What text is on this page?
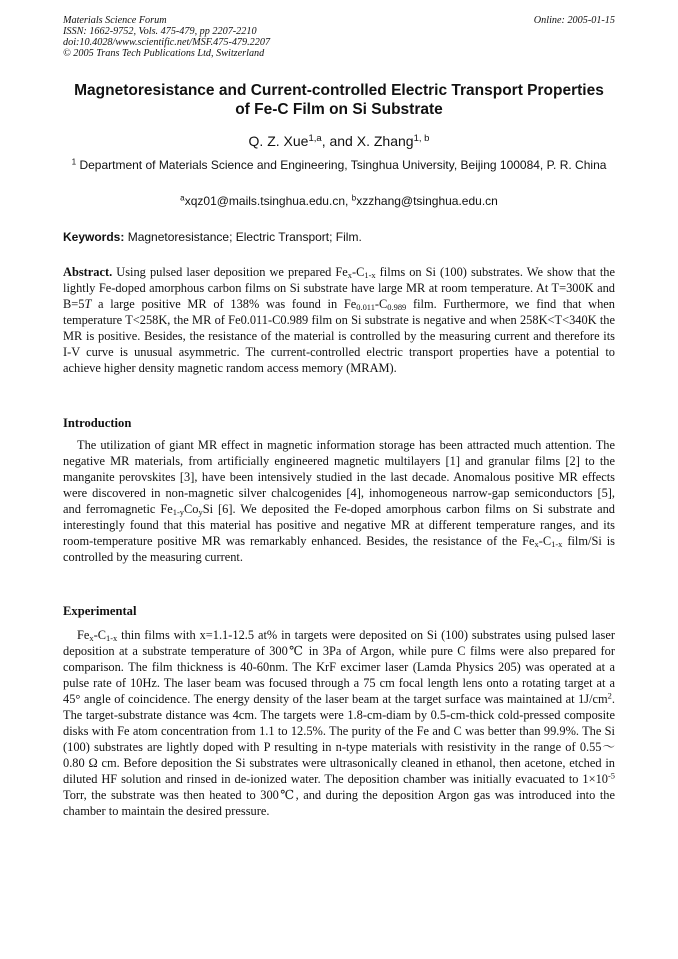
Materials Science Forum
ISSN: 1662-9752, Vols. 475-479, pp 2207-2210
doi:10.4028/www.scientific.net/MSF.475-479.2207
© 2005 Trans Tech Publications Ltd, Switzerland
Online: 2005-01-15
Magnetoresistance and Current-controlled Electric Transport Properties
of Fe-C Film on Si Substrate
Q. Z. Xue$^{1,a}$, and X. Zhang$^{1, b}$
$^1$ Department of Materials Science and Engineering, Tsinghua University, Beijing 100084, P. R. China
$^a$xqz01@mails.tsinghua.edu.cn, $^b$xzzhang@tsinghua.edu.cn
Keywords: Magnetoresistance; Electric Transport; Film.
Abstract. Using pulsed laser deposition we prepared $Fe_x-C_{1-x}$ films on Si (100) substrates. We show that the lightly Fe-doped amorphous carbon films on Si substrate have large MR at room temperature. At T=300K and B=5T a large positive MR of 138% was found in $Fe_{0.011}-C_{0.989}$ film. Furthermore, we find that when temperature T<258K, the MR of Fe0.011-C0.989 film on Si substrate is negative and when 258K<T<340K the MR is positive. Besides, the resistance of the material is controlled by the measuring current and therefore its I-V curve is unusual asymmetric. The current-controlled electric transport properties have a potential to achieve higher density magnetic random access memory (MRAM).
Introduction
The utilization of giant MR effect in magnetic information storage has been attracted much attention. The negative MR materials, from artificially engineered magnetic multilayers [1] and granular films [2] to the manganite perovskites [3], have been intensively studied in the last decade. Anomalous positive MR effects were discovered in non-magnetic silver chalcogenides [4], inhomogeneous narrow-gap semiconductors [5], and ferromagnetic $Fe_{1-y}Co_ySi$ [6]. We deposited the Fe-doped amorphous carbon films on Si substrate and interestingly found that this material has positive and negative MR at different temperature ranges, and its room-temperature positive MR was remarkably enhanced. Besides, the resistance of the $Fe_x-C_{1-x}$ film/Si is controlled by the measuring current.
Experimental
$Fe_x-C_{1-x}$ thin films with x=1.1-12.5 at% in targets were deposited on Si (100) substrates using pulsed laser deposition at a substrate temperature of 300℃ in 3Pa of Argon, while pure C films were also prepared for comparison. The film thickness is 40-60nm. The KrF excimer laser (Lamda Physics 205) was operated at a pulse rate of 10Hz. The laser beam was focused through a 75 cm focal length lens onto a rotating target at a 45° angle of coincidence. The energy density of the laser beam at the target surface was maintained at $1J/cm^2$. The target-substrate distance was 4cm. The targets were 1.8-cm-diam by 0.5-cm-thick cold-pressed composite disks with Fe atom concentration from 1.1 to 12.5%. The purity of the Fe and C was better than 99.9%. The Si (100) substrates are lightly doped with P resulting in n-type materials with resistivity in the range of 0.55～0.80 Ω cm. Before deposition the Si substrates were ultrasonically cleaned in ethanol, then acetone, etched in diluted HF solution and rinsed in de-ionized water. The deposition chamber was initially evacuated to $1\times 10^{-5}$ Torr, the substrate was then heated to 300℃, and during the deposition Argon gas was introduced into the chamber to maintain the desired pressure.
